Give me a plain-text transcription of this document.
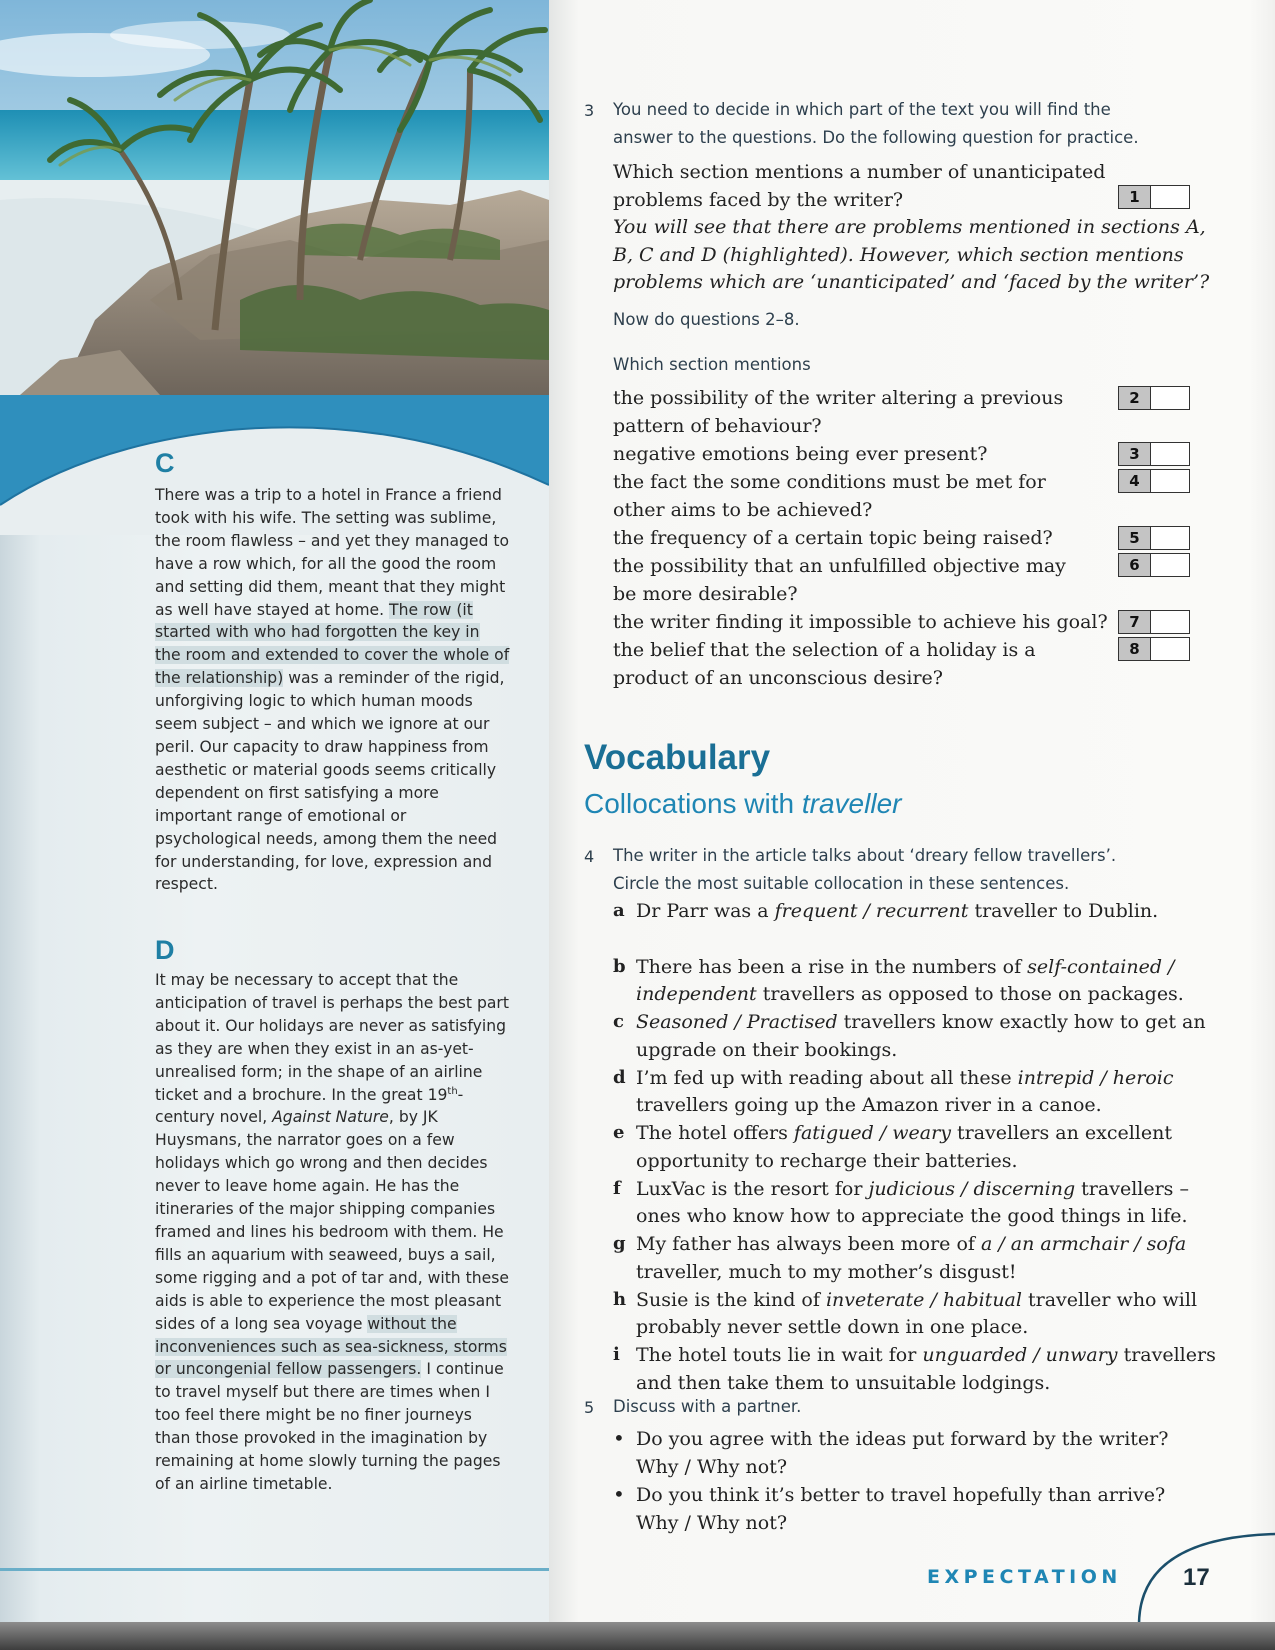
C
There was a trip to a hotel in France a friend took with his wife. The setting was sublime, the room flawless – and yet they managed to have a row which, for all the good the room and setting did them, meant that they might as well have stayed at home. The row (it started with who had forgotten the key in the room and extended to cover the whole of the relationship) was a reminder of the rigid, unforgiving logic to which human moods seem subject – and which we ignore at our peril. Our capacity to draw happiness from aesthetic or material goods seems critically dependent on first satisfying a more important range of emotional or psychological needs, among them the need for understanding, for love, expression and respect.
D
It may be necessary to accept that the anticipation of travel is perhaps the best part about it. Our holidays are never as satisfying as they are when they exist in an as-yet-unrealised form; in the shape of an airline ticket and a brochure. In the great 19th-century novel, Against Nature, by JK Huysmans, the narrator goes on a few holidays which go wrong and then decides never to leave home again. He has the itineraries of the major shipping companies framed and lines his bedroom with them. He fills an aquarium with seaweed, buys a sail, some rigging and a pot of tar and, with these aids is able to experience the most pleasant sides of a long sea voyage without the inconveniences such as sea-sickness, storms or uncongenial fellow passengers. I continue to travel myself but there are times when I too feel there might be no finer journeys than those provoked in the imagination by remaining at home slowly turning the pages of an airline timetable.
3 You need to decide in which part of the text you will find the
answer to the questions. Do the following question for practice.
Which section mentions a number of unanticipated
problems faced by the writer?
You will see that there are problems mentioned in sections A,
B, C and D (highlighted). However, which section mentions
problems which are ‘unanticipated’ and ‘faced by the writer’?
Now do questions 2–8.
Which section mentions
the possibility of the writer altering a previous
pattern of behaviour?
negative emotions being ever present?
the fact the some conditions must be met for
other aims to be achieved?
the frequency of a certain topic being raised?
the possibility that an unfulfilled objective may
be more desirable?
the writer finding it impossible to achieve his goal?
the belief that the selection of a holiday is a
product of an unconscious desire?
1
2
3
4
5
6
7
8
Vocabulary
Collocations with traveller
4 The writer in the article talks about ‘dreary fellow travellers’.
Circle the most suitable collocation in these sentences.
a Dr Parr was a frequent / recurrent traveller to Dublin.
b There has been a rise in the numbers of self-contained /
independent travellers as opposed to those on packages.
c Seasoned / Practised travellers know exactly how to get an
upgrade on their bookings.
d I’m fed up with reading about all these intrepid / heroic
travellers going up the Amazon river in a canoe.
e The hotel offers fatigued / weary travellers an excellent
opportunity to recharge their batteries.
f LuxVac is the resort for judicious / discerning travellers –
ones who know how to appreciate the good things in life.
g My father has always been more of a / an armchair / sofa
traveller, much to my mother’s disgust!
h Susie is the kind of inveterate / habitual traveller who will
probably never settle down in one place.
i The hotel touts lie in wait for unguarded / unwary travellers
and then take them to unsuitable lodgings.
5 Discuss with a partner.
• Do you agree with the ideas put forward by the writer?
Why / Why not?
• Do you think it’s better to travel hopefully than arrive?
Why / Why not?
EXPECTATION	17
